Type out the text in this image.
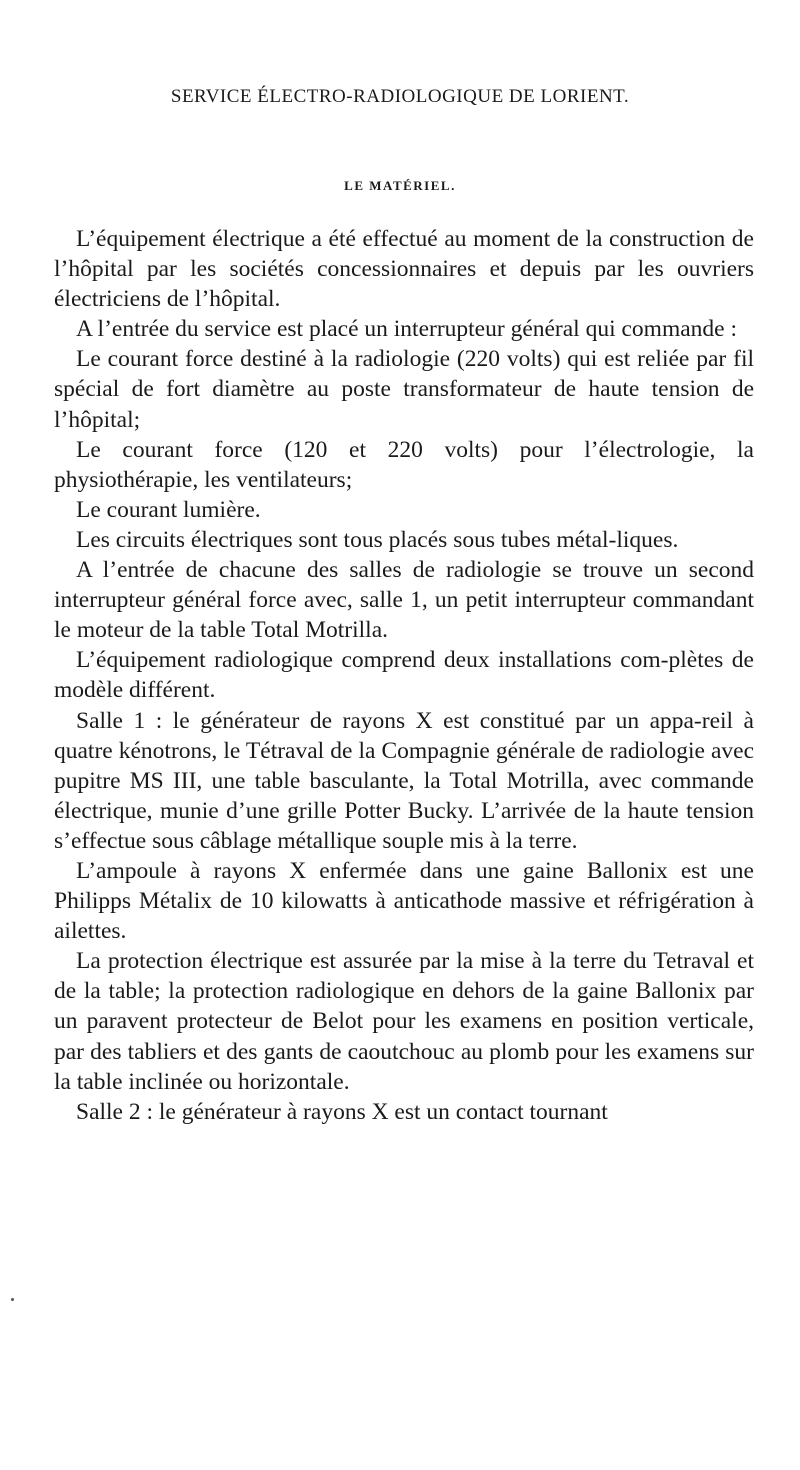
SERVICE ÉLECTRO-RADIOLOGIQUE DE LORIENT.
LE MATÉRIEL.

L’équipement électrique a été effectué au moment de la construction de l’hôpital par les sociétés concessionnaires et depuis par les ouvriers électriciens de l’hôpital.

A l’entrée du service est placé un interrupteur général qui commande :

Le courant force destiné à la radiologie (220 volts) qui est reliée par fil spécial de fort diamètre au poste transformateur de haute tension de l’hôpital;

Le courant force (120 et 220 volts) pour l’électrologie, la physiothérapie, les ventilateurs;

Le courant lumière.

Les circuits électriques sont tous placés sous tubes métal-liques.

A l’entrée de chacune des salles de radiologie se trouve un second interrupteur général force avec, salle 1, un petit interrupteur commandant le moteur de la table Total Motrilla.

L’équipement radiologique comprend deux installations com-plètes de modèle différent.

Salle 1 : le générateur de rayons X est constitué par un appa-reil à quatre kénotrons, le Tétraval de la Compagnie générale de radiologie avec pupitre MS III, une table basculante, la Total Motrilla, avec commande électrique, munie d’une grille Potter Bucky. L’arrivée de la haute tension s’effectue sous câblage métallique souple mis à la terre.

L’ampoule à rayons X enfermée dans une gaine Ballonix est une Philipps Métalix de 10 kilowatts à anticathode massive et réfrigération à ailettes.

La protection électrique est assurée par la mise à la terre du Tetraval et de la table; la protection radiologique en dehors de la gaine Ballonix par un paravent protecteur de Belot pour les examens en position verticale, par des tabliers et des gants de caoutchouc au plomb pour les examens sur la table inclinée ou horizontale.

Salle 2 : le générateur à rayons X est un contact tournant
